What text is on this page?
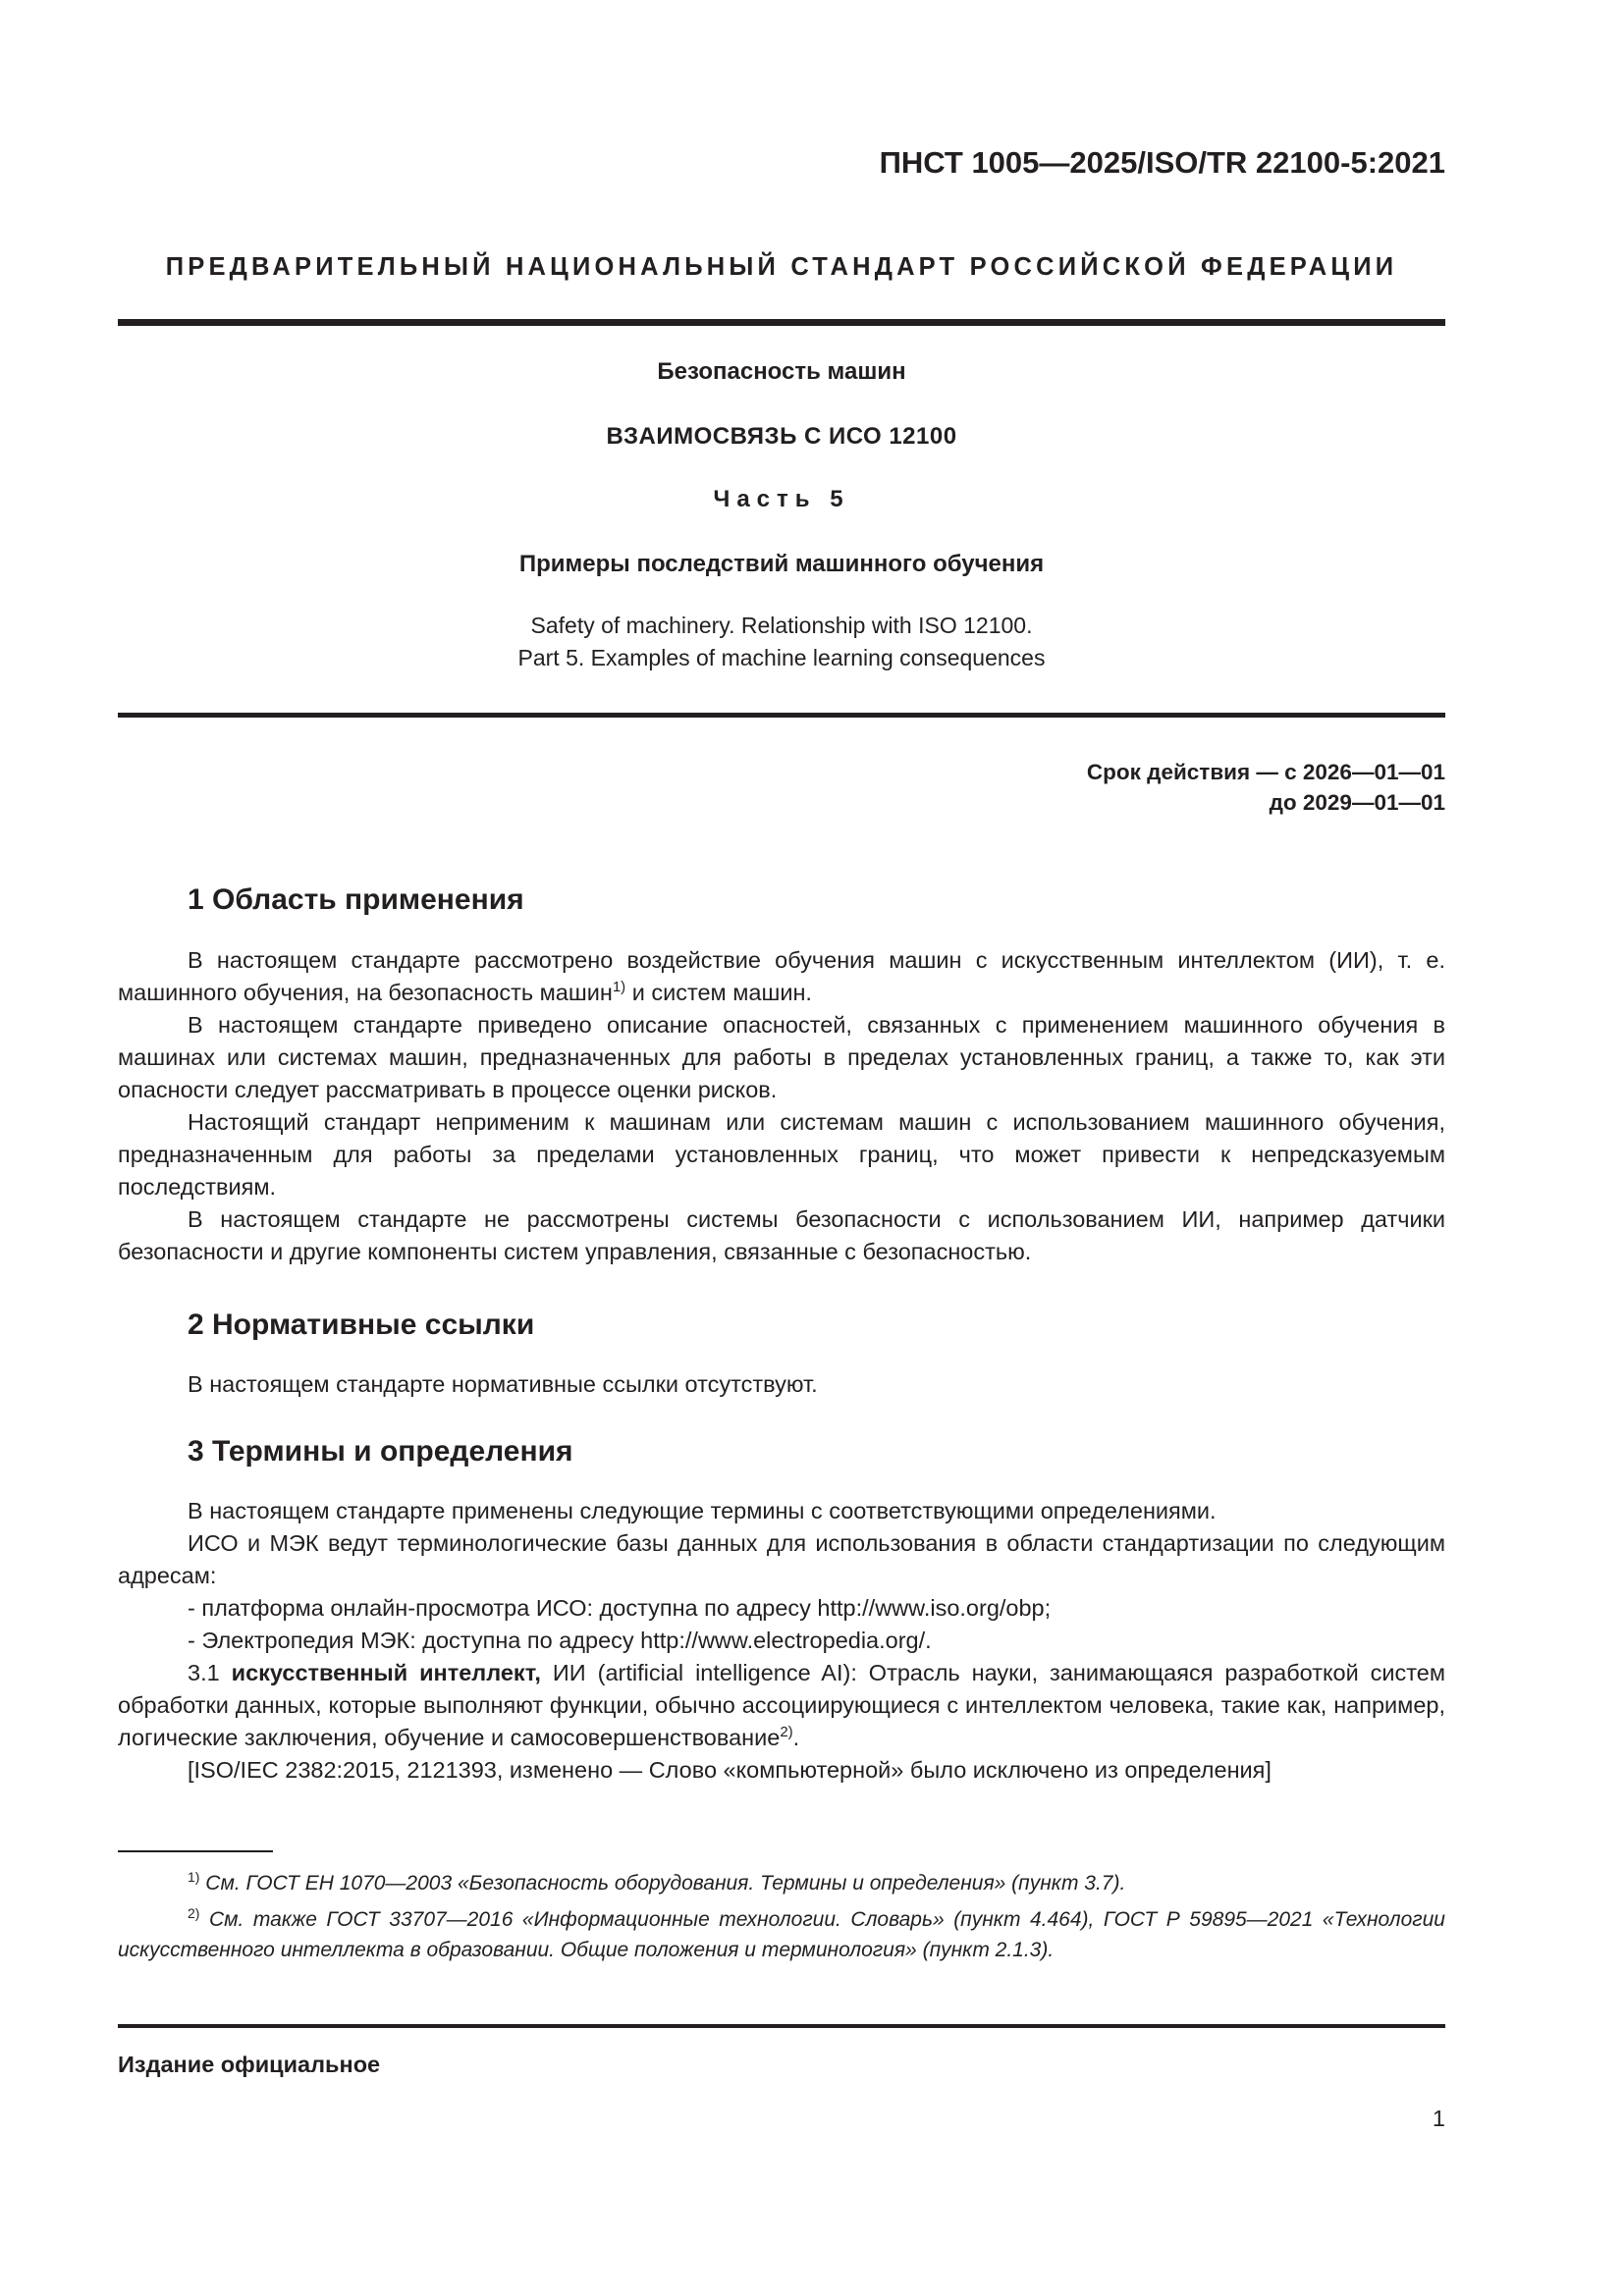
ПНСТ 1005—2025/ISO/TR 22100-5:2021
ПРЕДВАРИТЕЛЬНЫЙ НАЦИОНАЛЬНЫЙ СТАНДАРТ РОССИЙСКОЙ ФЕДЕРАЦИИ
Безопасность машин
ВЗАИМОСВЯЗЬ С ИСО 12100
Часть 5
Примеры последствий машинного обучения
Safety of machinery. Relationship with ISO 12100.
Part 5. Examples of machine learning consequences
Срок действия — с 2026—01—01
до 2029—01—01
1 Область применения

В настоящем стандарте рассмотрено воздействие обучения машин с искусственным интеллектом (ИИ), т. е. машинного обучения, на безопасность машин$^{1)}$ и систем машин.

В настоящем стандарте приведено описание опасностей, связанных с применением машинного обучения в машинах или системах машин, предназначенных для работы в пределах установленных границ, а также то, как эти опасности следует рассматривать в процессе оценки рисков.

Настоящий стандарт неприменим к машинам или системам машин с использованием машинного обучения, предназначенным для работы за пределами установленных границ, что может привести к непредсказуемым последствиям.

В настоящем стандарте не рассмотрены системы безопасности с использованием ИИ, например датчики безопасности и другие компоненты систем управления, связанные с безопасностью.

2 Нормативные ссылки

В настоящем стандарте нормативные ссылки отсутствуют.

3 Термины и определения

В настоящем стандарте применены следующие термины с соответствующими определениями.

ИСО и МЭК ведут терминологические базы данных для использования в области стандартизации по следующим адресам:

- платформа онлайн-просмотра ИСО: доступна по адресу http://www.iso.org/obp;
- Электропедия МЭК: доступна по адресу http://www.electropedia.org/.

3.1 искусственный интеллект, ИИ (artificial intelligence AI): Отрасль науки, занимающаяся разработкой систем обработки данных, которые выполняют функции, обычно ассоциирующиеся с интеллектом человека, такие как, например, логические заключения, обучение и самосовершенствование$^{2)}$.

[ISO/IEC 2382:2015, 2121393, изменено — Слово «компьютерной» было исключено из определения]

$^{1)}$ См. ГОСТ ЕН 1070—2003 «Безопасность оборудования. Термины и определения» (пункт 3.7).

$^{2)}$ См. также ГОСТ 33707—2016 «Информационные технологии. Словарь» (пункт 4.464), ГОСТ Р 59895—2021 «Технологии искусственного интеллекта в образовании. Общие положения и терминология» (пункт 2.1.3).

Издание официальное
1
